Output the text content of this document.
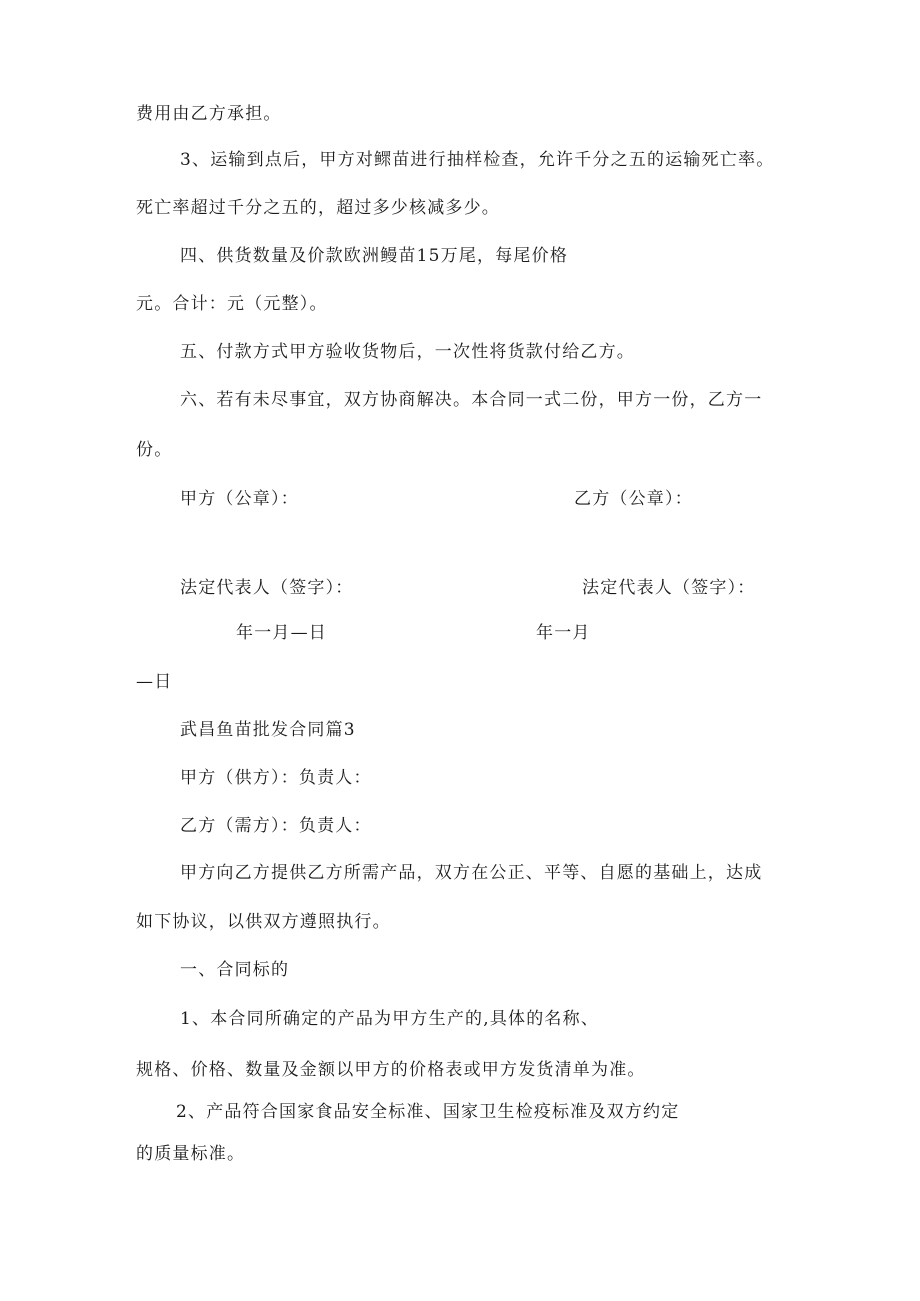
费用由乙方承担。
3、运输到点后，甲方对鳏苗进行抽样检查，允许千分之五的运输死亡率。
死亡率超过千分之五的，超过多少核减多少。
四、供货数量及价款欧洲鳗苗15万尾，每尾价格
元。合计：元（元整）。
五、付款方式甲方验收货物后，一次性将货款付给乙方。
六、若有未尽事宜，双方协商解决。本合同一式二份，甲方一份，乙方一
份。
甲方（公章）：	乙方（公章）：
法定代表人（签字）：	法定代表人（签字）：
年一月—日	年一月
—日
武昌鱼苗批发合同篇3
甲方（供方）：负责人：
乙方（需方）：负责人：
甲方向乙方提供乙方所需产品，双方在公正、平等、自愿的基础上，达成
如下协议，以供双方遵照执行。
一、合同标的
1、本合同所确定的产品为甲方生产的,具体的名称、
规格、价格、数量及金额以甲方的价格表或甲方发货清单为准。
2、产品符合国家食品安全标准、国家卫生检疫标准及双方约定
的质量标准。
